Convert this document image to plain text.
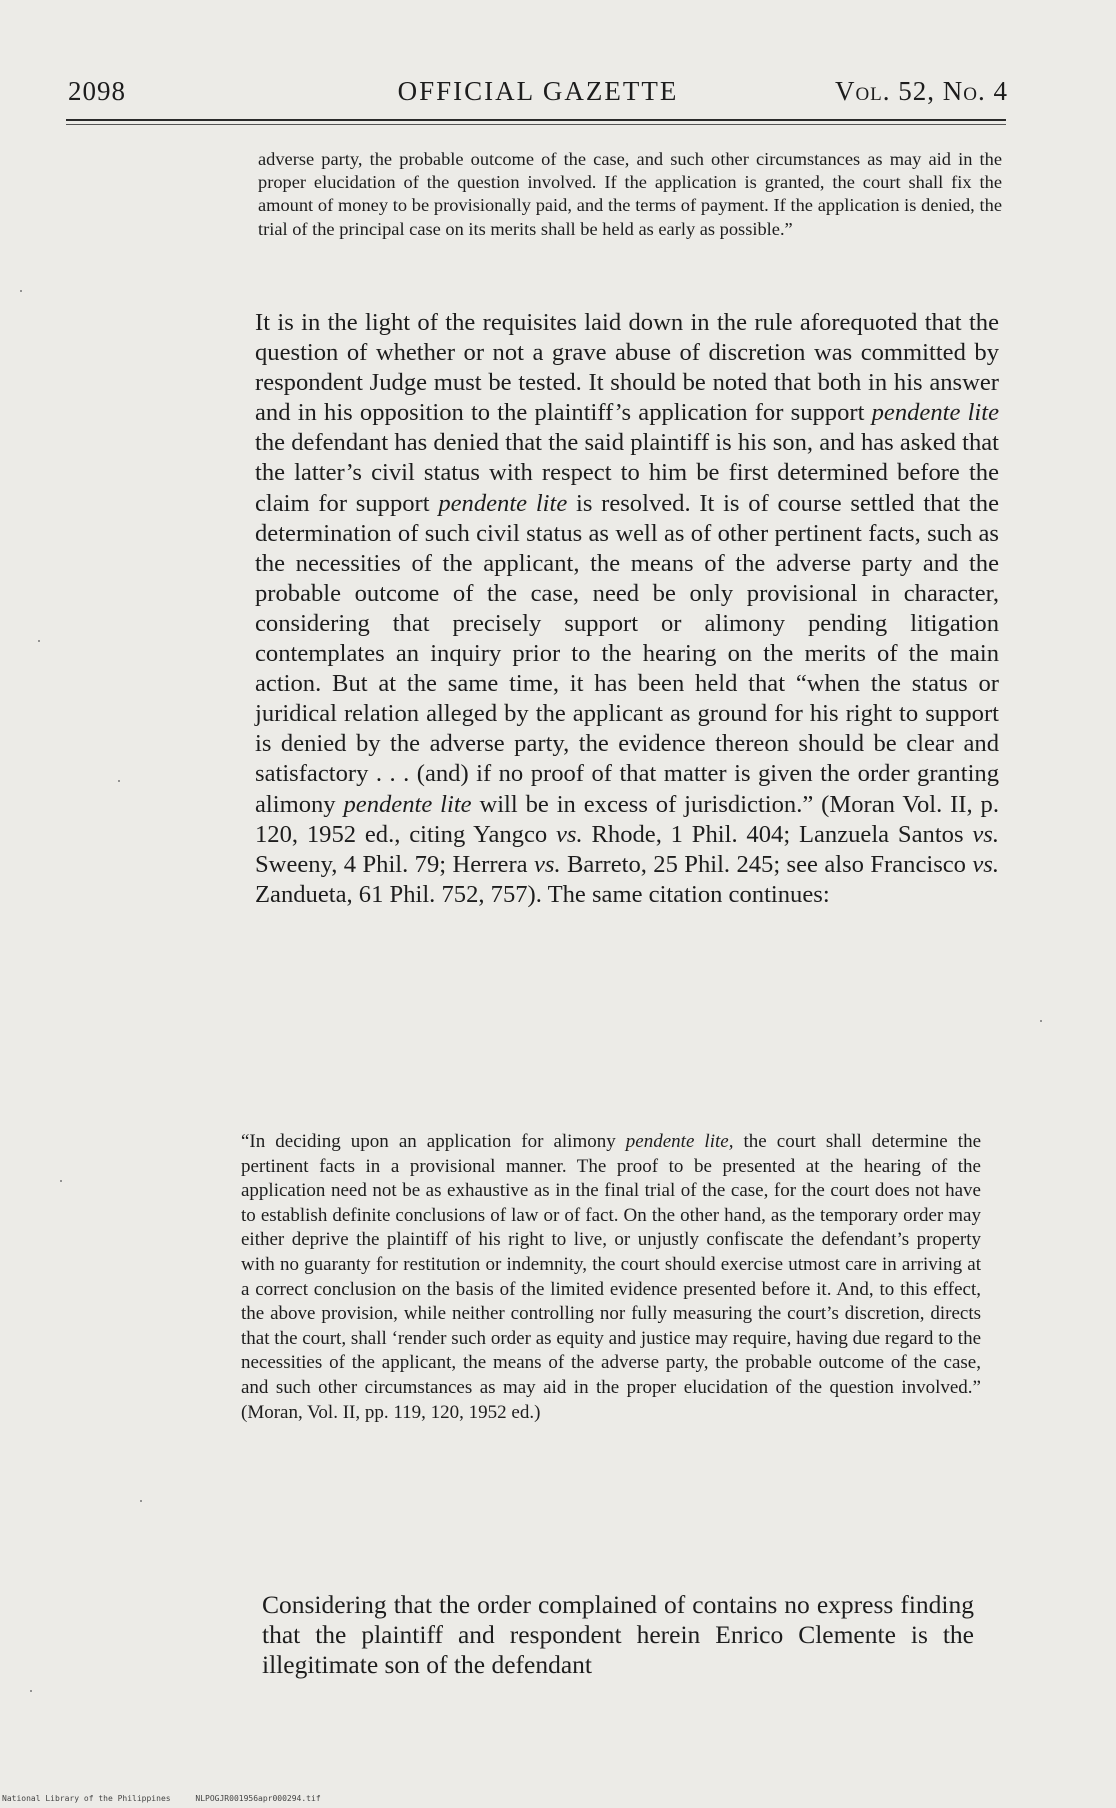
2098	OFFICIAL GAZETTE	Vol. 52, No. 4

adverse party, the probable outcome of the case, and such other circumstances as may aid in the proper elucidation of the question involved. If the application is granted, the court shall fix the amount of money to be provisionally paid, and the terms of payment. If the application is denied, the trial of the principal case on its merits shall be held as early as possible.”

It is in the light of the requisites laid down in the rule aforequoted that the question of whether or not a grave abuse of discretion was committed by respondent Judge must be tested. It should be noted that both in his answer and in his opposition to the plaintiff’s application for support pendente lite the defendant has denied that the said plaintiff is his son, and has asked that the latter’s civil status with respect to him be first determined before the claim for support pendente lite is resolved. It is of course settled that the determination of such civil status as well as of other pertinent facts, such as the necessities of the applicant, the means of the adverse party and the probable outcome of the case, need be only provisional in character, considering that precisely support or alimony pending litigation contemplates an inquiry prior to the hearing on the merits of the main action. But at the same time, it has been held that “when the status or juridical relation alleged by the applicant as ground for his right to support is denied by the adverse party, the evidence thereon should be clear and satisfactory . . . (and) if no proof of that matter is given the order granting alimony pendente lite will be in excess of jurisdiction.” (Moran Vol. II, p. 120, 1952 ed., citing Yangco vs. Rhode, 1 Phil. 404; Lanzuela Santos vs. Sweeny, 4 Phil. 79; Herrera vs. Barreto, 25 Phil. 245; see also Francisco vs. Zandueta, 61 Phil. 752, 757). The same citation continues:

“In deciding upon an application for alimony pendente lite, the court shall determine the pertinent facts in a provisional manner. The proof to be presented at the hearing of the application need not be as exhaustive as in the final trial of the case, for the court does not have to establish definite conclusions of law or of fact. On the other hand, as the temporary order may either deprive the plaintiff of his right to live, or unjustly confiscate the defendant’s property with no guaranty for restitution or indemnity, the court should exercise utmost care in arriving at a correct conclusion on the basis of the limited evidence presented before it. And, to this effect, the above provision, while neither controlling nor fully measuring the court’s discretion, directs that the court, shall ‘render such order as equity and justice may require, having due regard to the necessities of the applicant, the means of the adverse party, the probable outcome of the case, and such other circumstances as may aid in the proper elucidation of the question involved.” (Moran, Vol. II, pp. 119, 120, 1952 ed.)

Considering that the order complained of contains no express finding that the plaintiff and respondent herein Enrico Clemente is the illegitimate son of the defendant

National Library of the Philippines	NLPOGJR001956apr000294.tif
